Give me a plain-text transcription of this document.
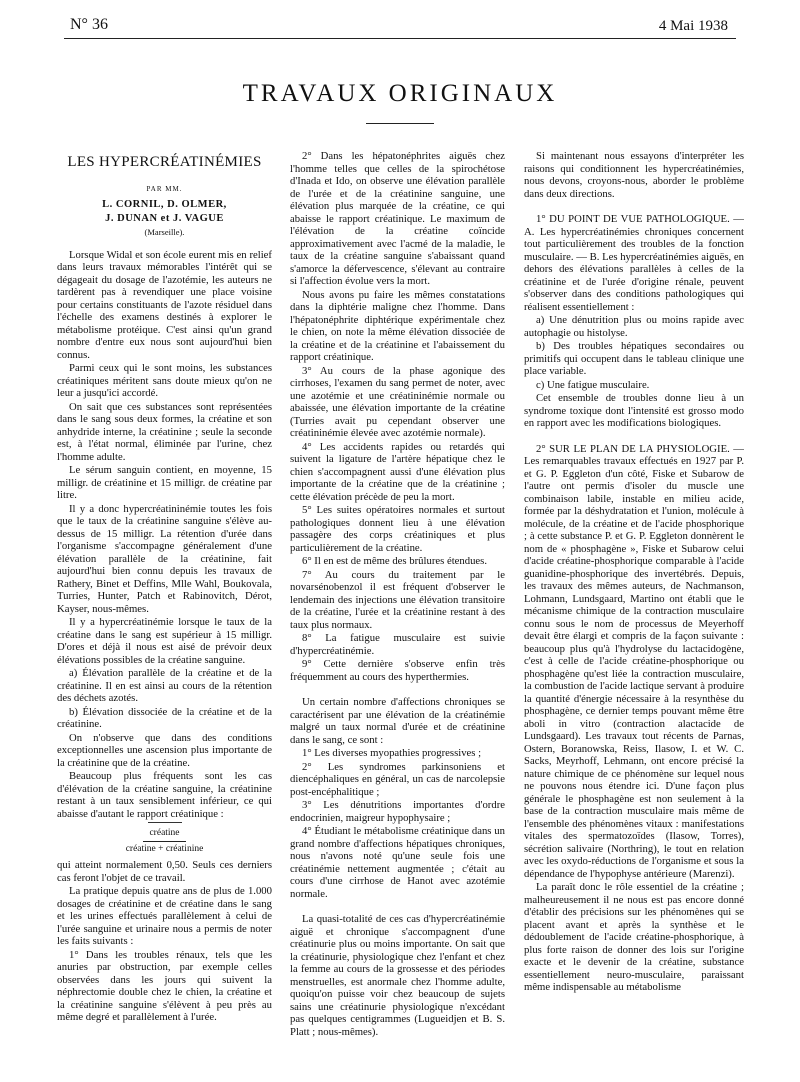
N° 36	4 Mai 1938
TRAVAUX ORIGINAUX
LES HYPERCRÉATINÉMIES
PAR MM.
L. CORNIL, D. OLMER,
J. DUNAN et J. VAGUE
(Marseille).

Lorsque Widal et son école eurent mis en relief dans leurs travaux mémorables l'intérêt qui se dégageait du dosage de l'azotémie, les auteurs ne tardèrent pas à revendiquer une place voisine pour certains constituants de l'azote résiduel dans l'échelle des examens destinés à explorer le métabolisme protéique. C'est ainsi qu'un grand nombre d'entre eux nous sont aujourd'hui bien connus.

Parmi ceux qui le sont moins, les substances créatiniques méritent sans doute mieux qu'on ne leur a jusqu'ici accordé.

On sait que ces substances sont représentées dans le sang sous deux formes, la créatine et son anhydride interne, la créatinine ; seule la seconde est, à l'état normal, éliminée par l'urine, chez l'homme adulte.

Le sérum sanguin contient, en moyenne, 15 milligr. de créatinine et 15 milligr. de créatine par litre.

Il y a donc hypercréatininémie toutes les fois que le taux de la créatinine sanguine s'élève au-dessus de 15 milligr. La rétention d'urée dans l'organisme s'accompagne généralement d'une élévation parallèle de la créatinine, fait aujourd'hui bien connu depuis les travaux de Rathery, Binet et Deffins, Mlle Wahl, Boukovala, Turries, Hunter, Patch et Rabinovitch, Dérot, Kayser, nous-mêmes.

Il y a hypercréatinémie lorsque le taux de la créatine dans le sang est supérieur à 15 milligr. D'ores et déjà il nous est aisé de prévoir deux élévations possibles de la créatine sanguine.

a) Élévation parallèle de la créatine et de la créatinine. Il en est ainsi au cours de la rétention des déchets azotés.

b) Élévation dissociée de la créatine et de la créatinine.

On n'observe que dans des conditions exceptionnelles une ascension plus importante de la créatinine que de la créatine.

Beaucoup plus fréquents sont les cas d'élévation de la créatine sanguine, la créatinine restant à un taux sensiblement inférieur, ce qui abaisse d'autant le rapport créatinique :

créatine
créatine + créatinine

qui atteint normalement 0,50. Seuls ces derniers cas feront l'objet de ce travail.

La pratique depuis quatre ans de plus de 1.000 dosages de créatinine et de créatine dans le sang et les urines effectués parallèlement à celui de l'urée sanguine et urinaire nous a permis de noter les faits suivants :

1° Dans les troubles rénaux, tels que les anuries par obstruction, par exemple celles observées dans les jours qui suivent la néphrectomie double chez le chien, la créatine et la créatinine sanguine s'élèvent à peu près au même degré et parallèlement à l'urée.

2° Dans les hépatonéphrites aiguës chez l'homme telles que celles de la spirochétose d'Inada et Ido, on observe une élévation parallèle de l'urée et de la créatinine sanguine, une élévation plus marquée de la créatine, ce qui abaisse le rapport créatinique. Le maximum de l'élévation de la créatine coïncide approximativement avec l'acmé de la maladie, le taux de la créatine sanguine s'abaissant quand s'amorce la défervescence, s'élevant au contraire si l'affection évolue vers la mort.

Nous avons pu faire les mêmes constatations dans la diphtérie maligne chez l'homme. Dans l'hépatonéphrite diphtérique expérimentale chez le chien, on note la même élévation dissociée de la créatine et de la créatinine et l'abaissement du rapport créatinique.

3° Au cours de la phase agonique des cirrhoses, l'examen du sang permet de noter, avec une azotémie et une créatininémie normale ou abaissée, une élévation importante de la créatine (Turries avait pu cependant observer une créatininémie élevée avec azotémie normale).

4° Les accidents rapides ou retardés qui suivent la ligature de l'artère hépatique chez le chien s'accompagnent aussi d'une élévation plus importante de la créatine que de la créatinine ; cette élévation précède de peu la mort.

5° Les suites opératoires normales et surtout pathologiques donnent lieu à une élévation passagère des corps créatiniques et plus particulièrement de la créatine.

6° Il en est de même des brûlures étendues.

7° Au cours du traitement par le novarsénobenzol il est fréquent d'observer le lendemain des injections une élévation transitoire de la créatine, l'urée et la créatinine restant à des taux plus normaux.

8° La fatigue musculaire est suivie d'hypercréatinémie.

9° Cette dernière s'observe enfin très fréquemment au cours des hyperthermies.

Un certain nombre d'affections chroniques se caractérisent par une élévation de la créatinémie malgré un taux normal d'urée et de créatinine dans le sang, ce sont :

1° Les diverses myopathies progressives ;

2° Les syndromes parkinsoniens et diencéphaliques en général, un cas de narcolepsie post-encéphalitique ;

3° Les dénutritions importantes d'ordre endocrinien, maigreur hypophysaire ;

4° Étudiant le métabolisme créatinique dans un grand nombre d'affections hépatiques chroniques, nous n'avons noté qu'une seule fois une créatinémie nettement augmentée ; c'était au cours d'une cirrhose de Hanot avec azotémie normale.

La quasi-totalité de ces cas d'hypercréatinémie aiguë et chronique s'accompagnent d'une créatinurie plus ou moins importante. On sait que la créatinurie, physiologique chez l'enfant et chez la femme au cours de la grossesse et des périodes menstruelles, est anormale chez l'homme adulte, quoiqu'on puisse voir chez beaucoup de sujets sains une créatinurie physiologique n'excédant pas quelques centigrammes (Lugueidjen et B. S. Platt ; nous-mêmes).

Si maintenant nous essayons d'interpréter les raisons qui conditionnent les hypercréatinémies, nous devons, croyons-nous, aborder le problème dans deux directions.

1° DU POINT DE VUE PATHOLOGIQUE. — A. Les hypercréatinémies chroniques concernent tout particulièrement des troubles de la fonction musculaire. — B. Les hypercréatinémies aiguës, en dehors des élévations parallèles à celles de la créatinine et de l'urée d'origine rénale, peuvent s'observer dans des conditions pathologiques qui réalisent essentiellement :

a) Une dénutrition plus ou moins rapide avec autophagie ou histolyse.

b) Des troubles hépatiques secondaires ou primitifs qui occupent dans le tableau clinique une place variable.

c) Une fatigue musculaire.

Cet ensemble de troubles donne lieu à un syndrome toxique dont l'intensité est grosso modo en rapport avec les modifications biologiques.

2° SUR LE PLAN DE LA PHYSIOLOGIE. — Les remarquables travaux effectués en 1927 par P. et G. P. Eggleton d'un côté, Fiske et Subarow de l'autre ont permis d'isoler du muscle une combinaison labile, instable en milieu acide, formée par la déshydratation et l'union, molécule à molécule, de la créatine et de l'acide phosphorique ; à cette substance P. et G. P. Eggleton donnèrent le nom de « phosphagène », Fiske et Subarow celui d'acide créatine-phosphorique comparable à l'acide guanidine-phosphorique des invertébrés. Depuis, les travaux des mêmes auteurs, de Nachmanson, Lohmann, Lundsgaard, Martino ont établi que le mécanisme chimique de la contraction musculaire connu sous le nom de processus de Meyerhoff devait être élargi et compris de la façon suivante : beaucoup plus qu'à l'hydrolyse du lactacidogène, c'est à celle de l'acide créatine-phosphorique ou phosphagène qu'est liée la contraction musculaire, la combustion de l'acide lactique servant à produire la quantité d'énergie nécessaire à la resynthèse du phosphagène, ce dernier temps pouvant même être aboli in vitro (contraction alactacide de Lundsgaard). Les travaux tout récents de Parnas, Ostern, Boranowska, Reiss, Ilasow, I. et W. C. Sacks, Meyrhoff, Lehmann, ont encore précisé la nature chimique de ce phénomène sur lequel nous ne pouvons nous étendre ici. D'une façon plus générale le phosphagène est non seulement à la base de la contraction musculaire mais même de l'ensemble des phénomènes vitaux : manifestations vitales des spermatozoïdes (Ilasow, Torres), sécrétion salivaire (Northring), le tout en relation avec les oxydo-réductions de l'organisme et sous la dépendance de l'hypophyse antérieure (Marenzi).

La paraît donc le rôle essentiel de la créatine ; malheureusement il ne nous est pas encore donné d'établir des précisions sur les phénomènes qui se placent avant et après la synthèse et le dédoublement de l'acide créatine-phosphorique, à plus forte raison de donner des lois sur l'origine exacte et le devenir de la créatine, substance essentiellement neuro-musculaire, paraissant même indispensable au métabolisme
